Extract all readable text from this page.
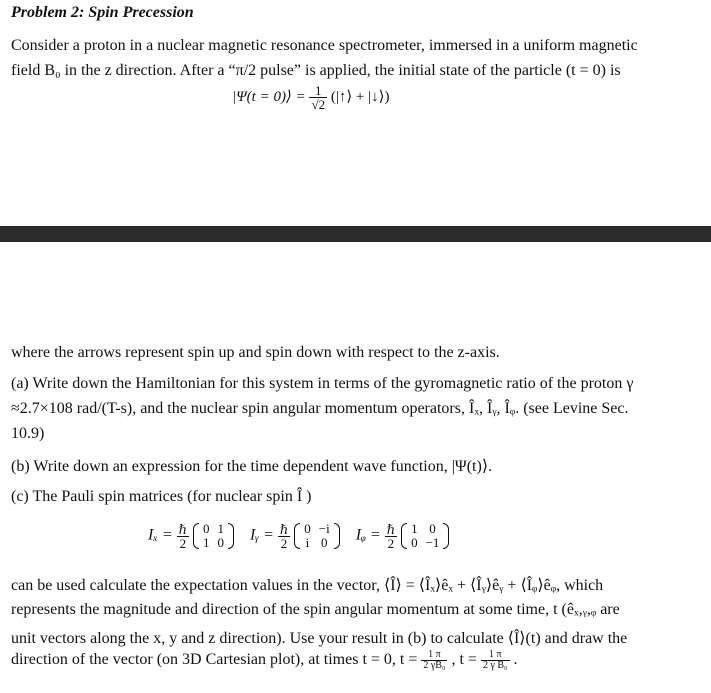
Problem 2: Spin Precession
Consider a proton in a nuclear magnetic resonance spectrometer, immersed in a uniform magnetic
field B₀ in the z direction. After a “π/2 pulse” is applied, the initial state of the particle (t = 0) is
|Ψ(t = 0)⟩ = $\frac{1}{√2}$ (|↑⟩ + |↓⟩)
where the arrows represent spin up and spin down with respect to the z-axis.
(a) Write down the Hamiltonian for this system in terms of the gyromagnetic ratio of the proton γ
≈2.7×108 rad/(T-s), and the nuclear spin angular momentum operators, Îₓ, Îᵧ, Îᵩ. (see Levine Sec.
10.9)
(b) Write down an expression for the time dependent wave function, |Ψ(t)⟩.
(c) The Pauli spin matrices (for nuclear spin Î )
$I_x = \frac{\text{ℏ}}{2}$
0	1
1	0 Iᵧ = $\frac{\text{ℏ}}{2}$
0	−i
i	0 Iᵩ = $\frac{\text{ℏ}}{2}$
1	0
0	−1
can be used calculate the expectation values in the vector, ⟨Î⟩ = ⟨Îₓ⟩êₓ + ⟨Îᵧ⟩êᵧ + ⟨Îᵩ⟩êᵩ, which
represents the magnitude and direction of the spin angular momentum at some time, t (êₓ,ᵧ,ᵩ are
unit vectors along the x, y and z direction). Use your result in (b) to calculate ⟨Î⟩(t) and draw the
direction of the vector (on 3D Cartesian plot), at times t = 0, $t = \frac{1 \pi}{\text{2 γB₀}}$ , $t = \frac{1 \pi}{\text{2 γ B₀}}$ .
